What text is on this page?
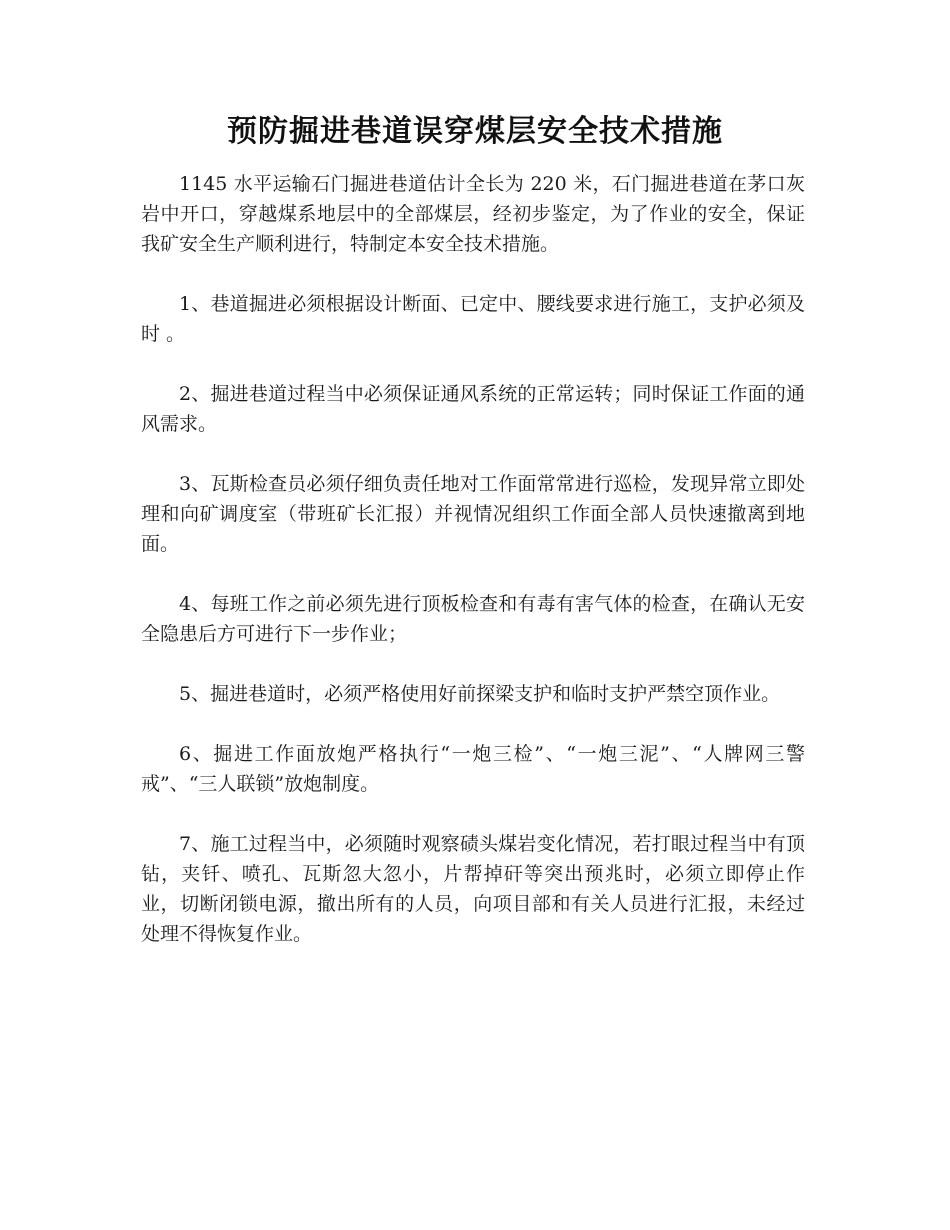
预防掘进巷道误穿煤层安全技术措施

1145 水平运输石门掘进巷道估计全长为 220 米，石门掘进巷道在茅口灰岩中开口，穿越煤系地层中的全部煤层，经初步鉴定，为了作业的安全，保证我矿安全生产顺利进行，特制定本安全技术措施。

1、巷道掘进必须根据设计断面、已定中、腰线要求进行施工，支护必须及时 。

2、掘进巷道过程当中必须保证通风系统的正常运转；同时保证工作面的通风需求。

3、瓦斯检查员必须仔细负责任地对工作面常常进行巡检，发现异常立即处理和向矿调度室（带班矿长汇报）并视情况组织工作面全部人员快速撤离到地面。

4、每班工作之前必须先进行顶板检查和有毒有害气体的检查，在确认无安全隐患后方可进行下一步作业；

5、掘进巷道时，必须严格使用好前探梁支护和临时支护严禁空顶作业。

6、掘进工作面放炮严格执行“一炮三检”、“一炮三泥”、“人牌网三警戒”、“三人联锁”放炮制度。

7、施工过程当中，必须随时观察碛头煤岩变化情况，若打眼过程当中有顶钻，夹钎、喷孔、瓦斯忽大忽小，片帮掉矸等突出预兆时，必须立即停止作业，切断闭锁电源，撤出所有的人员，向项目部和有关人员进行汇报，未经过处理不得恢复作业。
